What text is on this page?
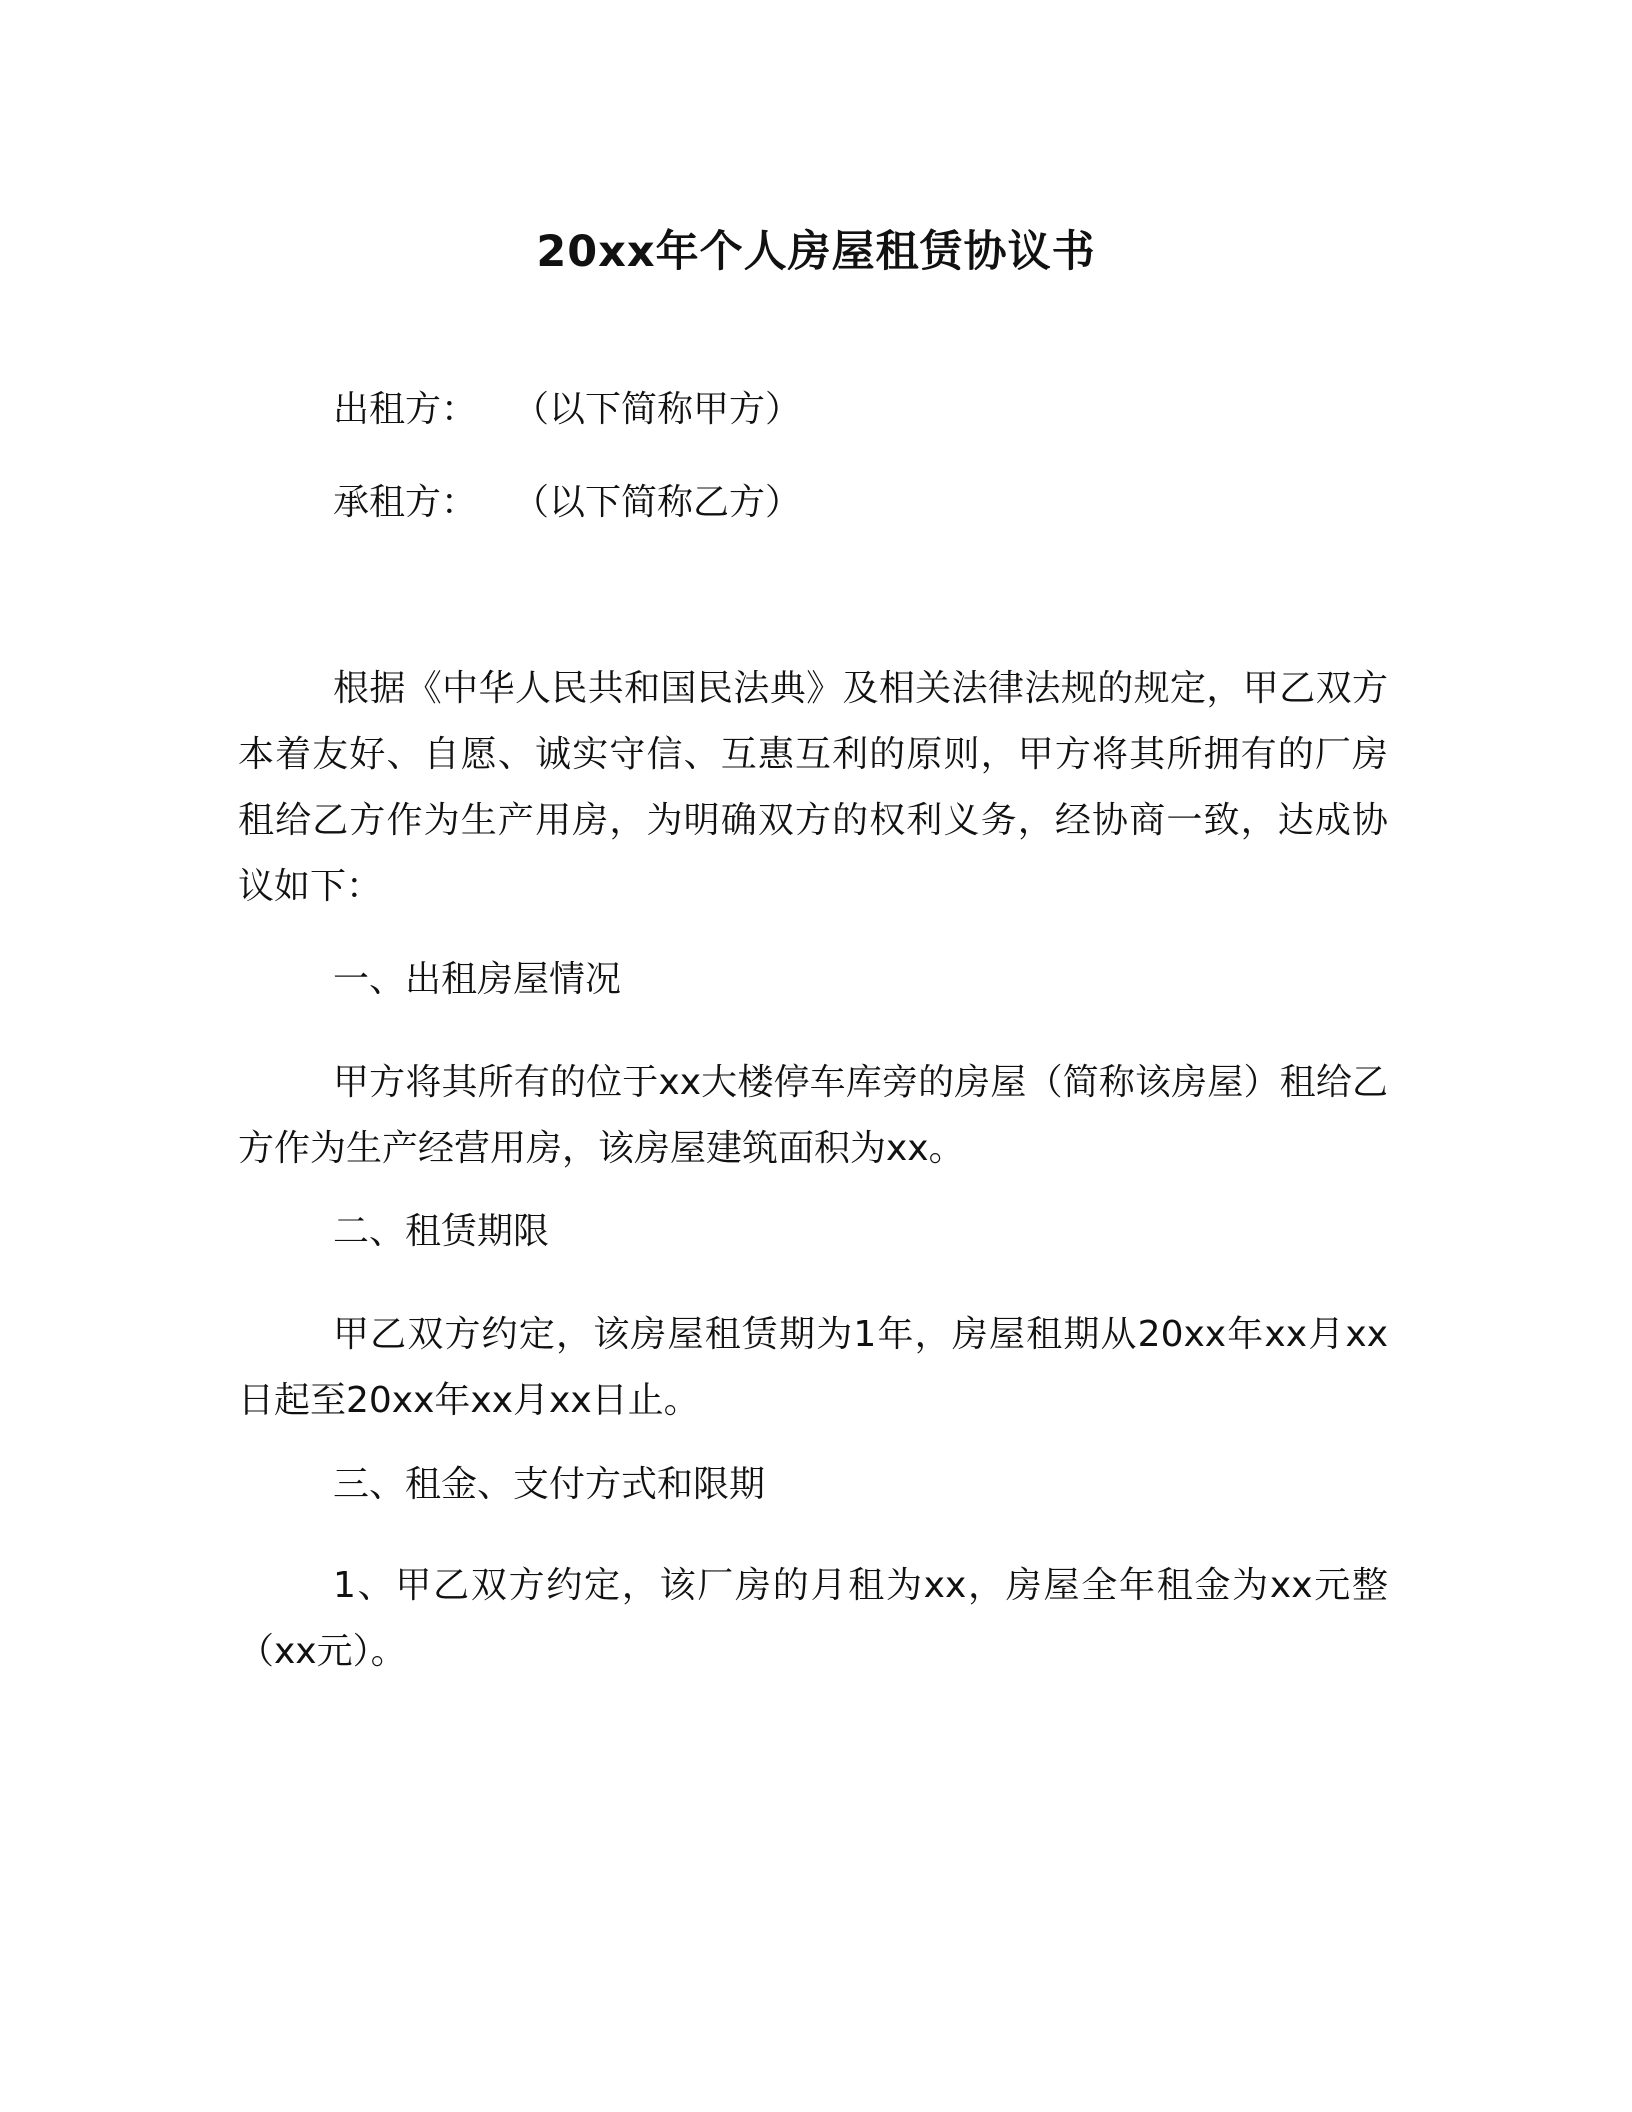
20xx年个人房屋租赁协议书
出租方： （以下简称甲方）
承租方： （以下简称乙方）

根据《中华人民共和国民法典》及相关法律法规的规定，甲乙双方本着友好、自愿、诚实守信、互惠互利的原则，甲方将其所拥有的厂房租给乙方作为生产用房，为明确双方的权利义务，经协商一致，达成协议如下：

一、出租房屋情况

甲方将其所有的位于xx大楼停车库旁的房屋（简称该房屋）租给乙方作为生产经营用房，该房屋建筑面积为xx。

二、租赁期限

甲乙双方约定，该房屋租赁期为1年，房屋租期从20xx年xx月xx日起至20xx年xx月xx日止。

三、租金、支付方式和限期

1、甲乙双方约定，该厂房的月租为xx，房屋全年租金为xx元整（xx元）。
